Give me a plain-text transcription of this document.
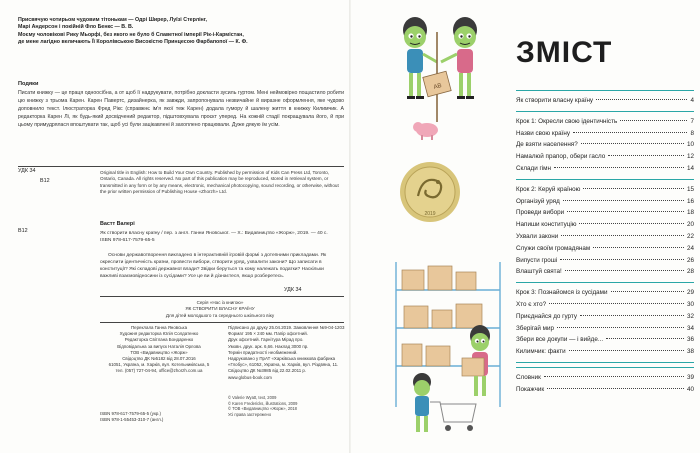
Присвячую чотирьом чудовим тітонькам — Одрі Ширер, Луїзі Стерлінг,
Марі Андерсон і покійній Фло Бенкс — В. В.
Моєму чоловікові Рику Мьорфі, без якого не було б Славетної імперії Рік-і-Кармістан,
де мене лагідно величають Її Королівською Високістю Принцесою Фарбапопої — К. Ф.
Подяки
Писати книжку — це праця одноосібна, а от щоб її надрукувати, потрібно докласти зусиль гуртом. Мені неймовірно пощастило робити цю книжку з трьома Карен. Карен Павертс, дизайнерка, як завжди, запропонувала незвичайне й виразне оформлення, яке чудово доповнило текст. Ілюстраторка Фред Рікс (справжнє ім'я якої теж Карен) додала гумору й шалену життя в книжку Килимчик. А редакторка Карен Лі, як будь-який досвідчений редактор, підштовхувала проєкт уперед. На кожній стадії покращувала його, й при цьому примудрялася впоштувати так, щоб усі були зацікавлені й захоплено працювали. Дуже дякую їм усім.
УДК 34
В12
Original title in English: How to Build Your Own Country. Published by permission of Kids Can Press Ltd, Toronto, Ontario, Canada. All rights reserved. No part of this publication may be reproduced, stored in retrieval system, or transmitted in any form or by any means, electronic, mechanical photocopying, sound recording, or otherwise, without the prior written permission of Publishing House «Zhorzh» Ltd.
В12
Вастт Валері
Як створити власну країну / пер. з англ. Ганни Яновської. — Х.: Видавництво «Жорж», 2019. — 40 с.
ISBN 978-617-7579-65-5
Основи державотворення викладено в інтерактивній ігровій формі з дотепними прикладами. Як окреслити ідентичність країни, провести вибори, створити уряд, ухвалити закони? Що записати в конституції? Які складові державної влади? Звідки беруться та кому належать податки? Наскільки важливі взаємовідносини із сусідами? Усе це ви й дізнаєтеся, якщо розберетесь.
УДК 34
Серія «Нас із книгою»
ЯК СТВОРИТИ ВЛАСНУ КРАЇНУ
Для дітей молодшого та середнього шкільного віку
Переклала Ганна Яновська
Художня редакторка Юлія Солдатенко
Редакторка Світлана Бондаренко
Відповідальна за випуск Наталія Орлова
ТОВ «Видавництво «Жорж»
Свідоцтво ДК №5182 від 28.07.2016
61051, Україна, м. Харків, вул. Котельниківська, 5
тел. (057) 727-04-94, office@zhorzh.com.ua
Підписано до друку 25.04.2019. Замовлення №9-04-1203
Формат 195 × 240 мм. Папір офсетний.
Друк офсетний. Гарнітура Мірад про.
Умовн. друк. арк. 6,66. Наклад 3000 пр.
Термін придатності необмежений.
Надруковано у ПрАТ «Харківська книжкова фабрика
«Глобус», 61052, Україна, м. Харків, вул. Різдвяна, 11.
Свідоцтво ДК №3985 від 22.02.2011 р.
www.globus-book.com
ISBN 978-617-7579-65-5 (укр.)
ISBN 978-1-55453-310-7 (англ.)
© Valerie Wyatt, text, 2009
© Karen Fredericks, illustrations, 2009
© ТОВ «Видавництво «Жорж», 2018
Усі права застережено
АВ
2019
ЗМІСТ
Як створити власну країну	4
Крок 1: Окресли свою ідентичність	7
Назви свою країну	8
Де взяти населення?	10
Намалюй прапор, обери гасло	12
Склади гімн	14
Крок 2: Керуй країною	15
Організуй уряд	16
Проведи вибори	18
Напиши конституцію	20
Ухвали закони	22
Служи своїм громадянам	24
Випусти гроші	26
Влаштуй свята!	28
Крок 3: Познайомся із сусідами	29
Хто є хто?	30
Приєднайся до гурту	32
Зберігай мир	34
Збери все докупи — і вийде...	36
Килимчик: факти	38
Словник	39
Покажчик	40
